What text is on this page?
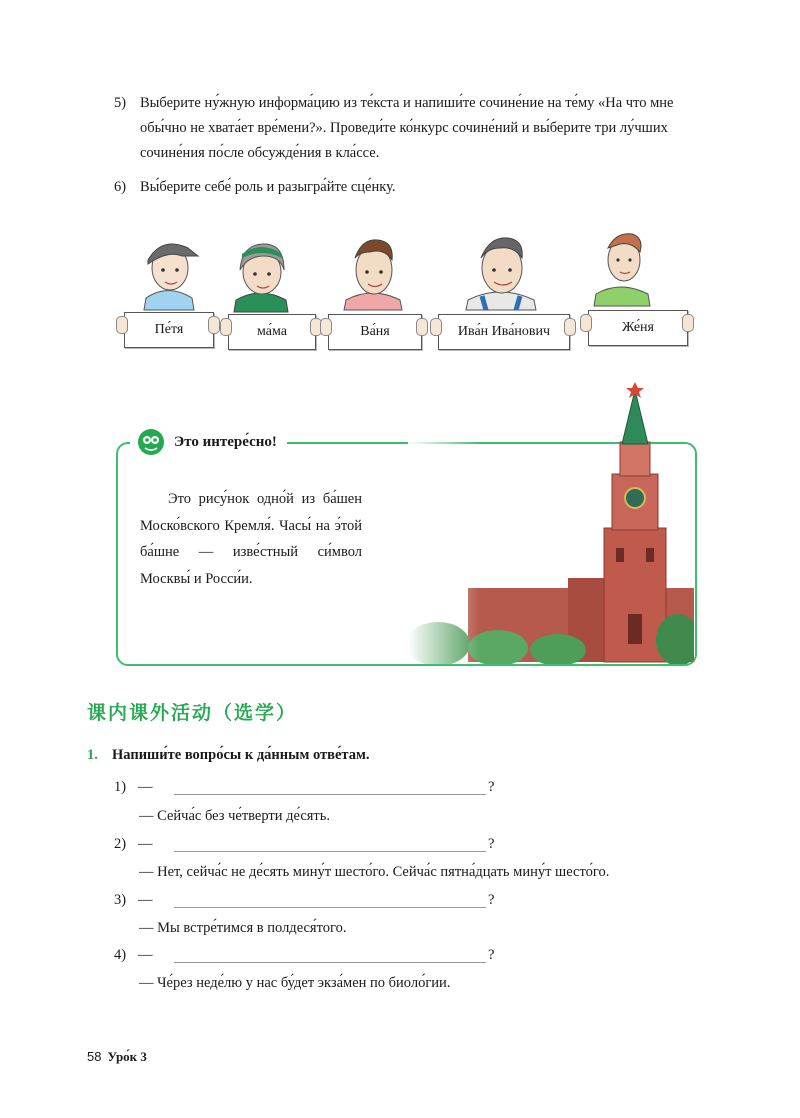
5) Выберите ну́жную информа́цию из те́кста и напиши́те сочине́ние на те́му «На что мне обы́чно не хвата́ет вре́мени?». Проведи́те ко́нкурс сочине́ний и вы́берите три лу́чших сочине́ния по́сле обсужде́ния в кла́ссе.
6) Вы́берите себе́ роль и разыгра́йте сце́нку.
Пе́тя	ма́ма	Ва́ня	Ива́н Ива́нович	Же́ня
Это интере́сно!
Это рису́нок одно́й из ба́шен Моско́вского Кремля́. Часы́ на э́той ба́шне — изве́стный си́мвол Москвы́ и Росси́и.
课内课外活动（选学）
1. Напиши́те вопро́сы к да́нным отве́там.
1) —	?
— Сейча́с без че́тверти де́сять.
2) —	?
— Нет, сейча́с не де́сять мину́т шесто́го. Сейча́с пятна́дцать мину́т шесто́го.
3) —	?
— Мы встре́тимся в полдеся́того.
4) —	?
— Че́рез неде́лю у нас бу́дет экза́мен по биоло́гии.
58 Уро́к 3
